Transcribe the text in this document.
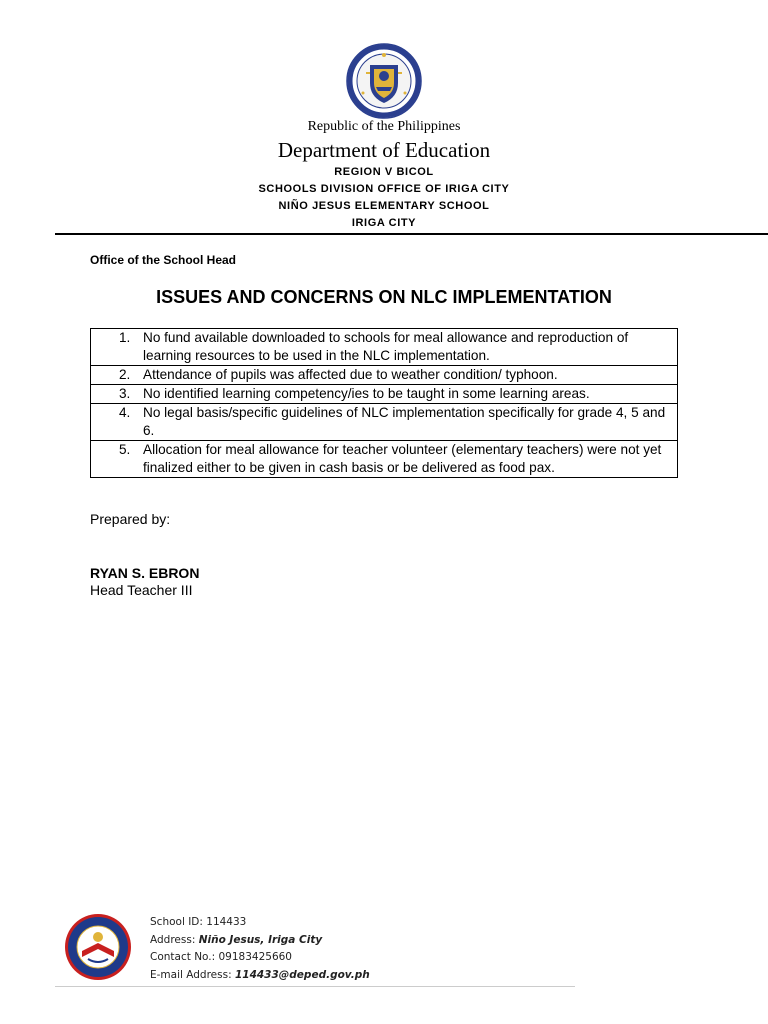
Republic of the Philippines
Department of Education
REGION V BICOL
SCHOOLS DIVISION OFFICE OF IRIGA CITY
NIÑO JESUS ELEMENTARY SCHOOL
IRIGA CITY
Office of the School Head
ISSUES AND CONCERNS ON NLC IMPLEMENTATION
1. No fund available downloaded to schools for meal allowance and reproduction of learning resources to be used in the NLC implementation.

2. Attendance of pupils was affected due to weather condition/ typhoon.

3. No identified learning competency/ies to be taught in some learning areas.

4. No legal basis/specific guidelines of NLC implementation specifically for grade 4, 5 and 6.

5. Allocation for meal allowance for teacher volunteer (elementary teachers) were not yet finalized either to be given in cash basis or be delivered as food pax.
Prepared by:
RYAN S. EBRON
Head Teacher III
School ID: 114433
Address: Niño Jesus, Iriga City
Contact No.: 09183425660
E-mail Address: 114433@deped.gov.ph
